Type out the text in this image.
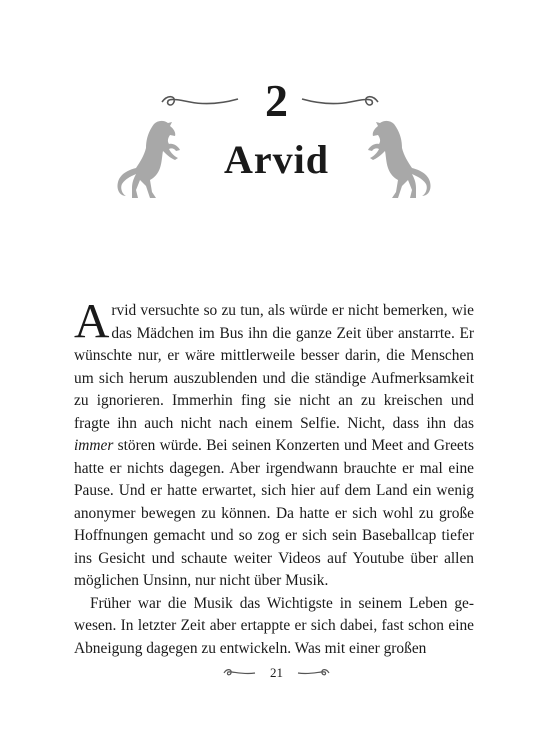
2
Arvid

Arvid versuchte so zu tun, als würde er nicht bemerken, wie das Mädchen im Bus ihn die ganze Zeit über anstarrte. Er wünschte nur, er wäre mittlerweile besser darin, die Menschen um sich herum auszublenden und die ständige Aufmerksamkeit zu ignorieren. Immerhin fing sie nicht an zu kreischen und fragte ihn auch nicht nach einem Selfie. Nicht, dass ihn das immer stören würde. Bei seinen Konzerten und Meet and Greets hatte er nichts dagegen. Aber irgendwann brauchte er mal eine Pause. Und er hatte erwartet, sich hier auf dem Land ein wenig anonymer bewegen zu können. Da hatte er sich wohl zu große Hoffnungen gemacht und so zog er sich sein Baseballcap tiefer ins Gesicht und schaute weiter Videos auf Youtube über allen möglichen Unsinn, nur nicht über Musik.

Früher war die Musik das Wichtigste in seinem Leben gewesen. In letzter Zeit aber ertappte er sich dabei, fast schon eine Abneigung dagegen zu entwickeln. Was mit einer großen

21
